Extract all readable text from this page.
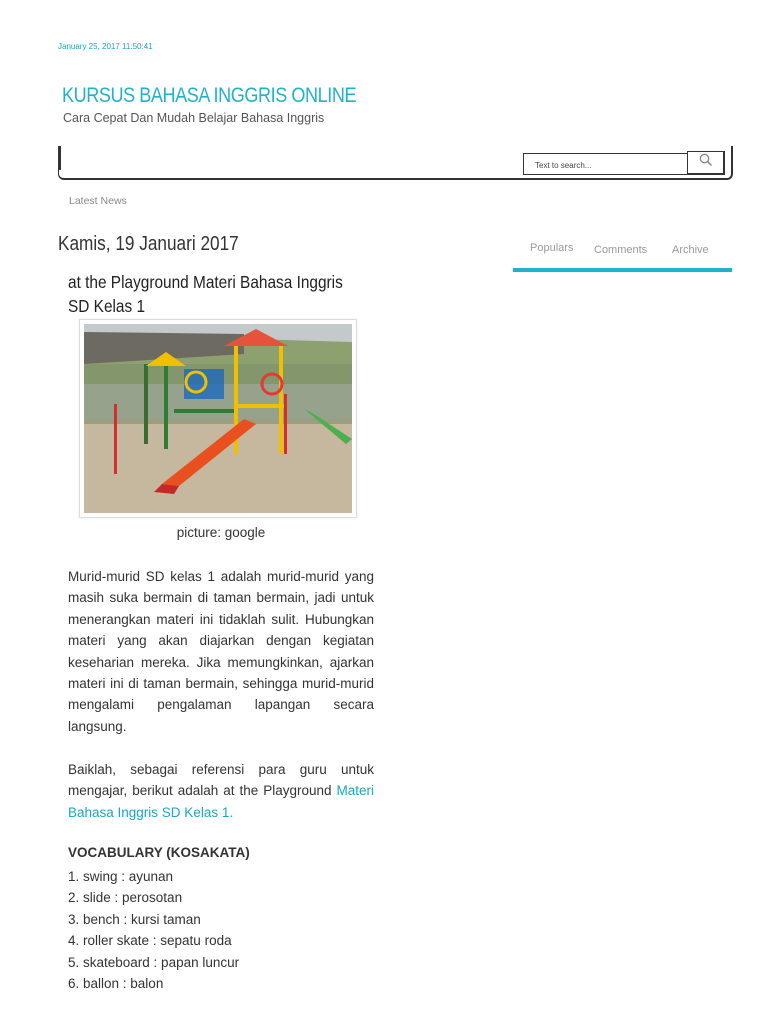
January 25, 2017 11:50:41
KURSUS BAHASA INGGRIS ONLINE
Cara Cepat Dan Mudah Belajar Bahasa Inggris
Text to search...
Latest News
Kamis, 19 Januari 2017
at the Playground Materi Bahasa Inggris SD Kelas 1
picture: google
Murid-murid SD kelas 1 adalah murid-murid yang masih suka bermain di taman bermain, jadi untuk menerangkan materi ini tidaklah sulit. Hubungkan materi yang akan diajarkan dengan kegiatan keseharian mereka. Jika memungkinkan, ajarkan materi ini di taman bermain, sehingga murid-murid mengalami pengalaman lapangan secara langsung.
Baiklah, sebagai referensi para guru untuk mengajar, berikut adalah at the Playground Materi Bahasa Inggris SD Kelas 1.
VOCABULARY (KOSAKATA)
1. swing : ayunan
2. slide : perosotan
3. bench : kursi taman
4. roller skate : sepatu roda
5. skateboard : papan luncur
6. ballon : balon
Populars Comments Archive
